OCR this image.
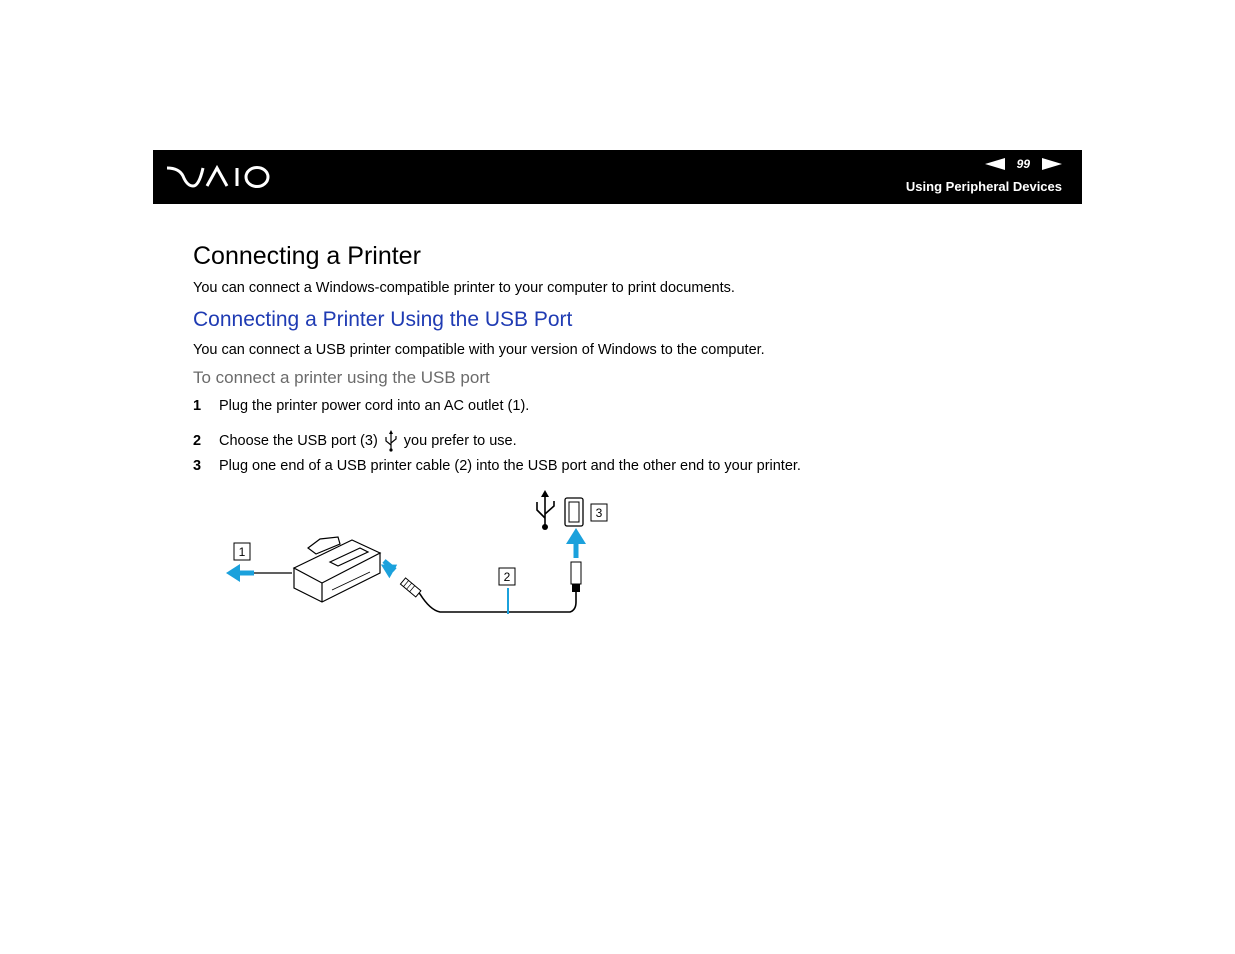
99
Using Peripheral Devices
Connecting a Printer
You can connect a Windows-compatible printer to your computer to print documents.
Connecting a Printer Using the USB Port
You can connect a USB printer compatible with your version of Windows to the computer.
To connect a printer using the USB port
1	Plug the printer power cord into an AC outlet (1).
2	Choose the USB port (3) you prefer to use.
3	Plug one end of a USB printer cable (2) into the USB port and the other end to your printer.
1
2
3
